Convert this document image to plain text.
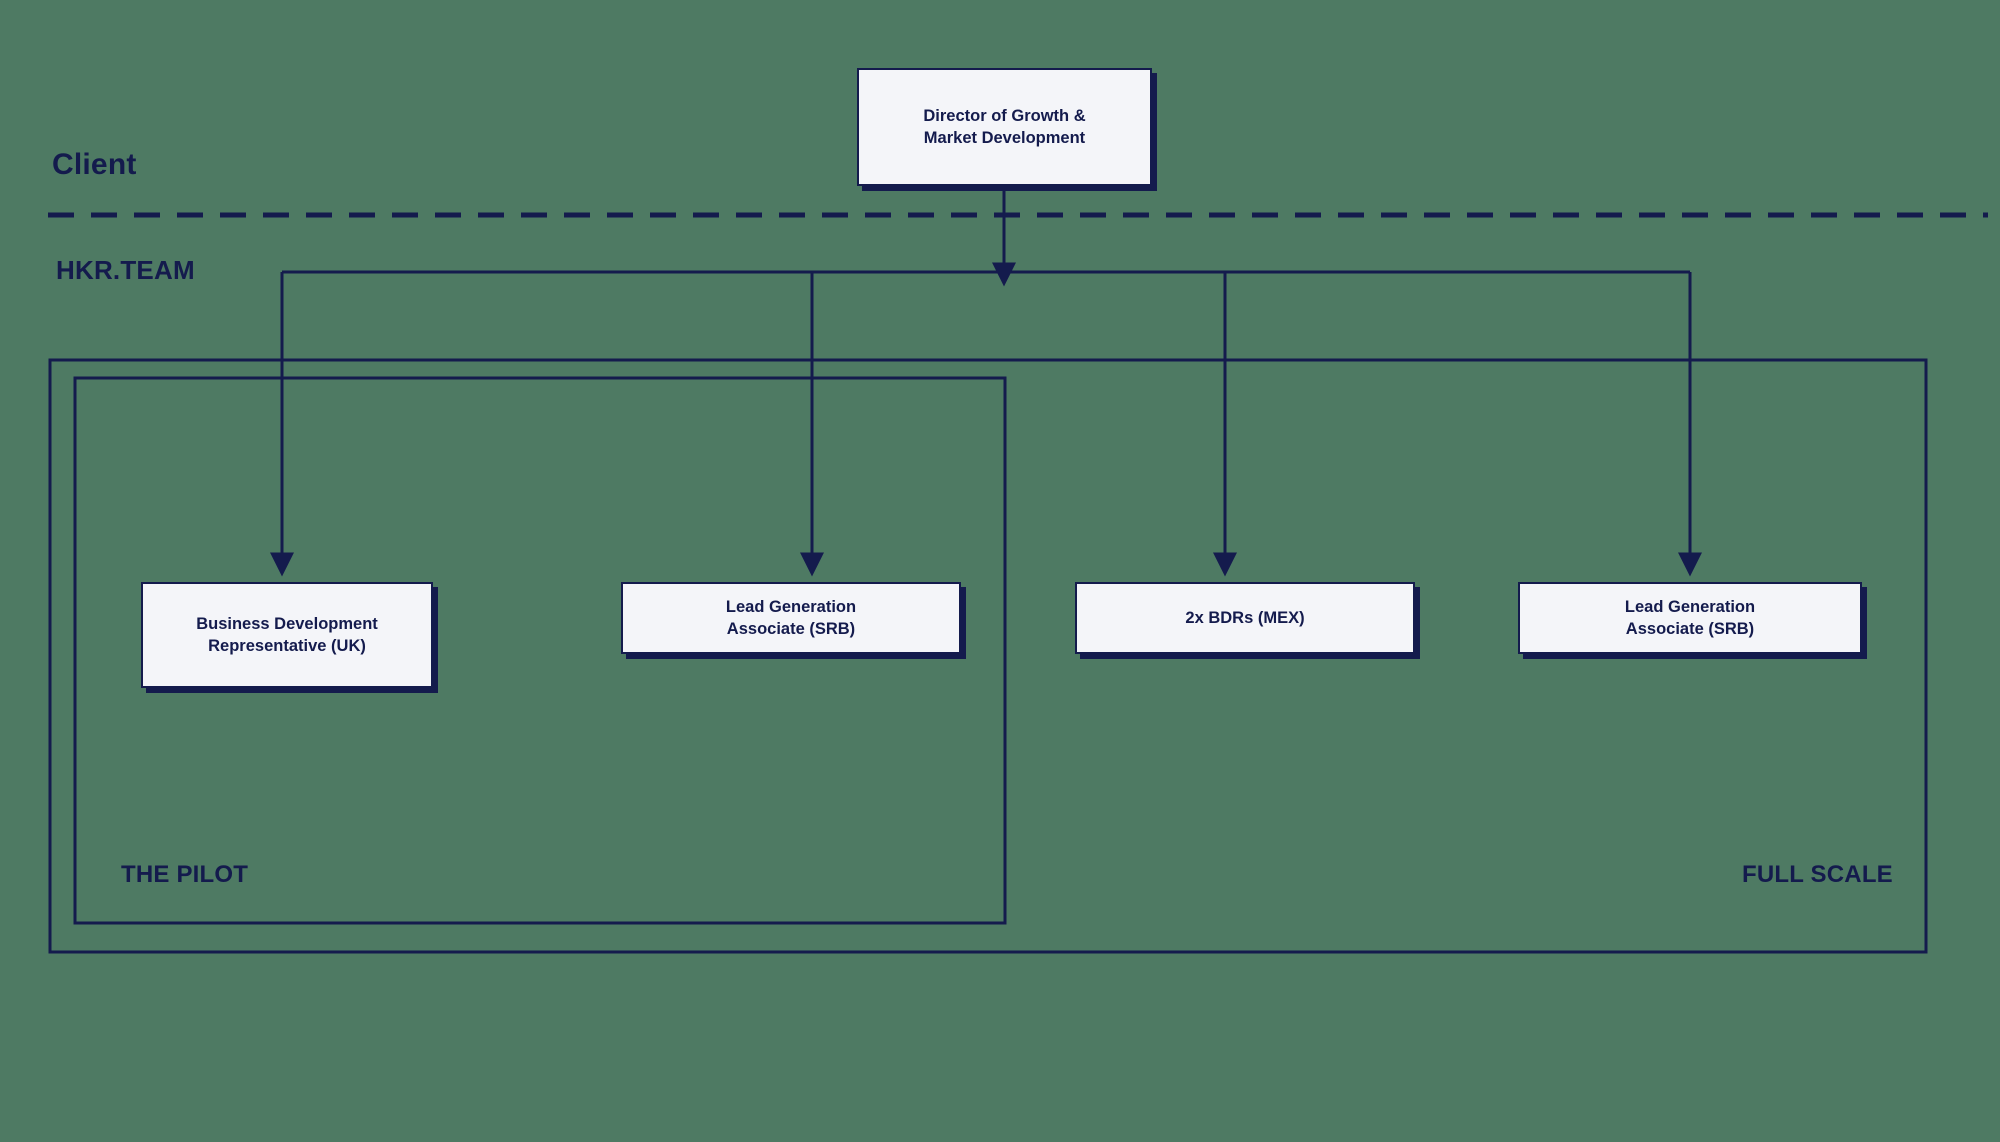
Client
HKR.TEAM
THE PILOT	FULL SCALE
Director of Growth &
Market Development
Business Development
Representative (UK)
Lead Generation
Associate (SRB)
2x BDRs (MEX)
Lead Generation
Associate (SRB)
